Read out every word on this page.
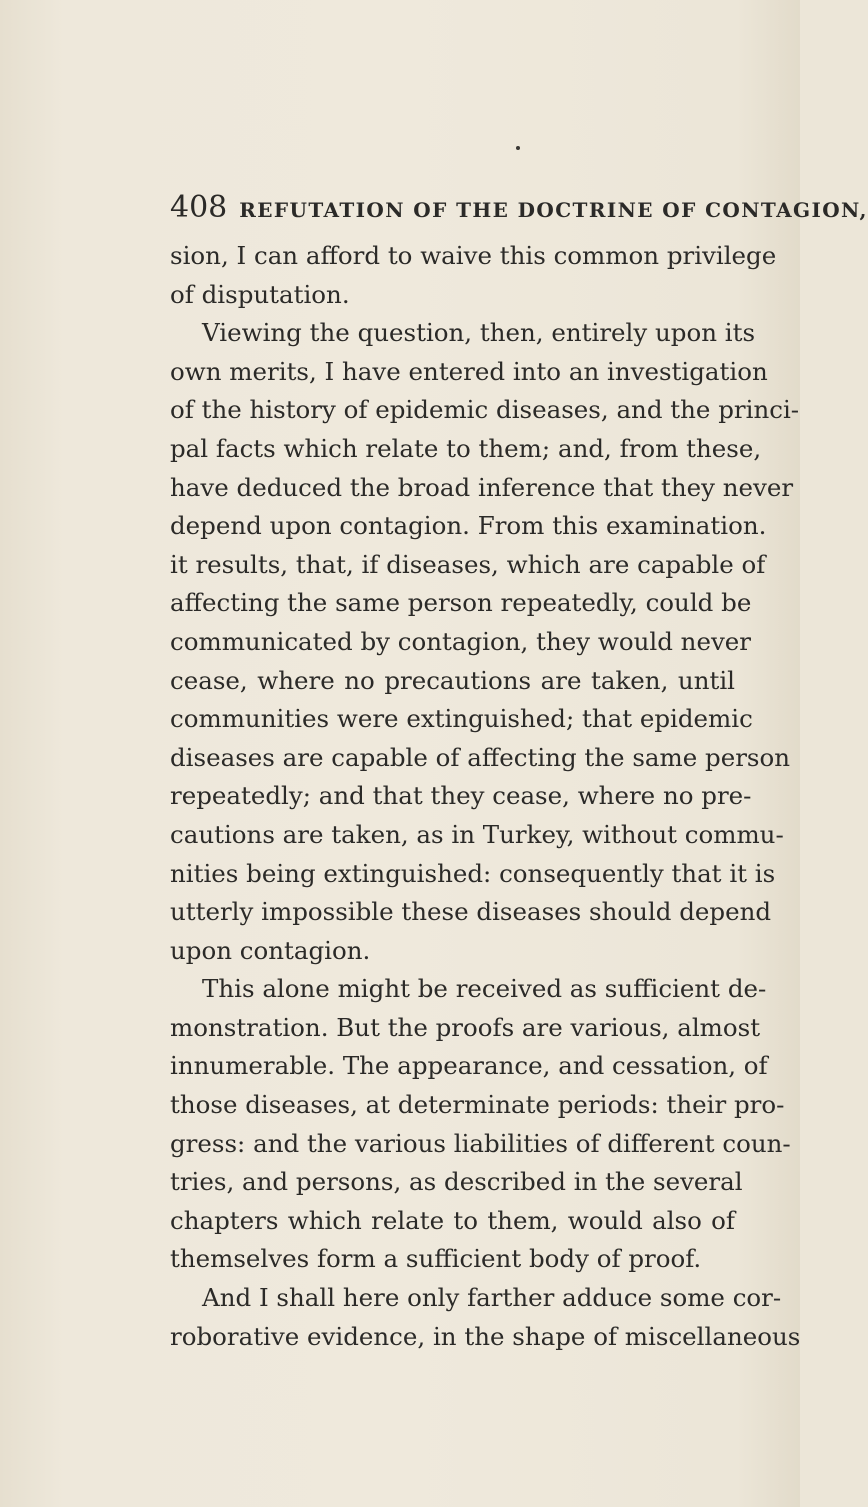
408 REFUTATION OF THE DOCTRINE OF CONTAGION,
sion, I can afford to waive this common privilege
of disputation.
Viewing the question, then, entirely upon its
own merits, I have entered into an investigation
of the history of epidemic diseases, and the princi-
pal facts which relate to them; and, from these,
have deduced the broad inference that they never
depend upon contagion. From this examination.
it results, that, if diseases, which are capable of
affecting the same person repeatedly, could be
communicated by contagion, they would never
cease, where no precautions are taken, until
communities were extinguished; that epidemic
diseases are capable of affecting the same person
repeatedly; and that they cease, where no pre-
cautions are taken, as in Turkey, without commu-
nities being extinguished: consequently that it is
utterly impossible these diseases should depend
upon contagion.
This alone might be received as sufficient de-
monstration. But the proofs are various, almost
innumerable. The appearance, and cessation, of
those diseases, at determinate periods: their pro-
gress: and the various liabilities of different coun-
tries, and persons, as described in the several
chapters which relate to them, would also of
themselves form a sufficient body of proof.
And I shall here only farther adduce some cor-
roborative evidence, in the shape of miscellaneous
